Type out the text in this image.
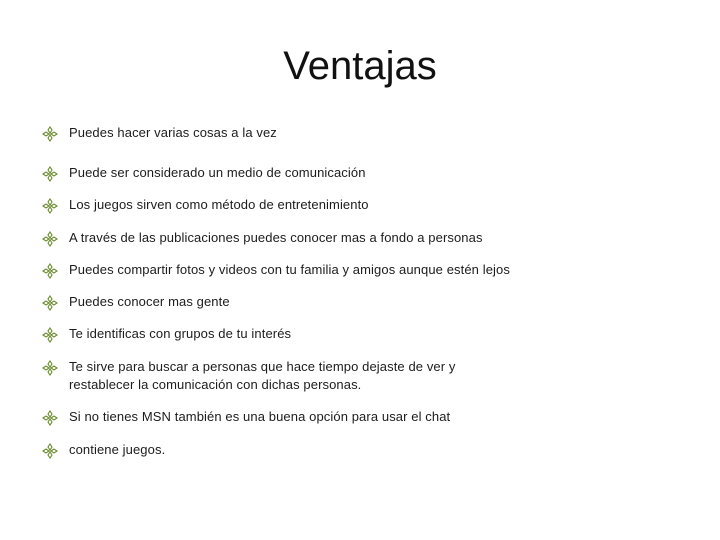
Ventajas
Puedes hacer varias cosas a la vez
Puede ser considerado un medio de comunicación
Los juegos sirven como método de entretenimiento
A través de las publicaciones puedes conocer mas a fondo a personas
Puedes compartir fotos y videos con tu familia y amigos aunque estén lejos
Puedes conocer mas gente
Te identificas con grupos de tu interés
Te sirve para buscar a personas que hace tiempo dejaste de ver y
restablecer la comunicación con dichas personas.
Si no tienes MSN también es una buena opción para usar el chat
contiene juegos.
